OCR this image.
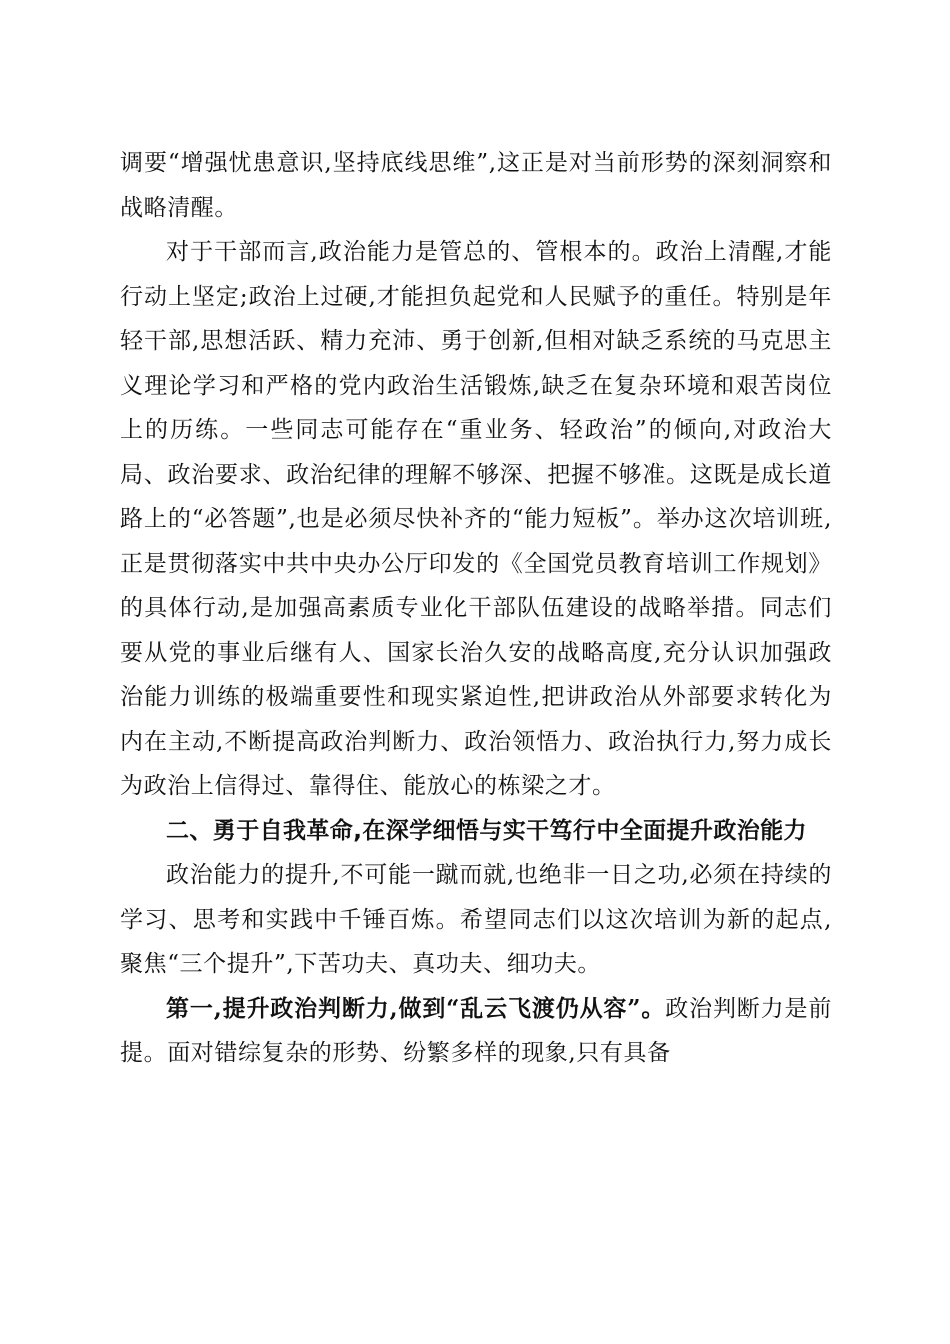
调要“增强忧患意识,坚持底线思维”,这正是对当前形势的深刻洞察和战略清醒。

对于干部而言,政治能力是管总的、管根本的。政治上清醒,才能行动上坚定;政治上过硬,才能担负起党和人民赋予的重任。特别是年轻干部,思想活跃、精力充沛、勇于创新,但相对缺乏系统的马克思主义理论学习和严格的党内政治生活锻炼,缺乏在复杂环境和艰苦岗位上的历练。一些同志可能存在“重业务、轻政治”的倾向,对政治大局、政治要求、政治纪律的理解不够深、把握不够准。这既是成长道路上的“必答题”,也是必须尽快补齐的“能力短板”。举办这次培训班,正是贯彻落实中共中央办公厅印发的《全国党员教育培训工作规划》的具体行动,是加强高素质专业化干部队伍建设的战略举措。同志们要从党的事业后继有人、国家长治久安的战略高度,充分认识加强政治能力训练的极端重要性和现实紧迫性,把讲政治从外部要求转化为内在主动,不断提高政治判断力、政治领悟力、政治执行力,努力成长为政治上信得过、靠得住、能放心的栋梁之才。

二、勇于自我革命,在深学细悟与实干笃行中全面提升政治能力

政治能力的提升,不可能一蹴而就,也绝非一日之功,必须在持续的学习、思考和实践中千锤百炼。希望同志们以这次培训为新的起点,聚焦“三个提升”,下苦功夫、真功夫、细功夫。

第一,提升政治判断力,做到“乱云飞渡仍从容”。政治判断力是前提。面对错综复杂的形势、纷繁多样的现象,只有具备
